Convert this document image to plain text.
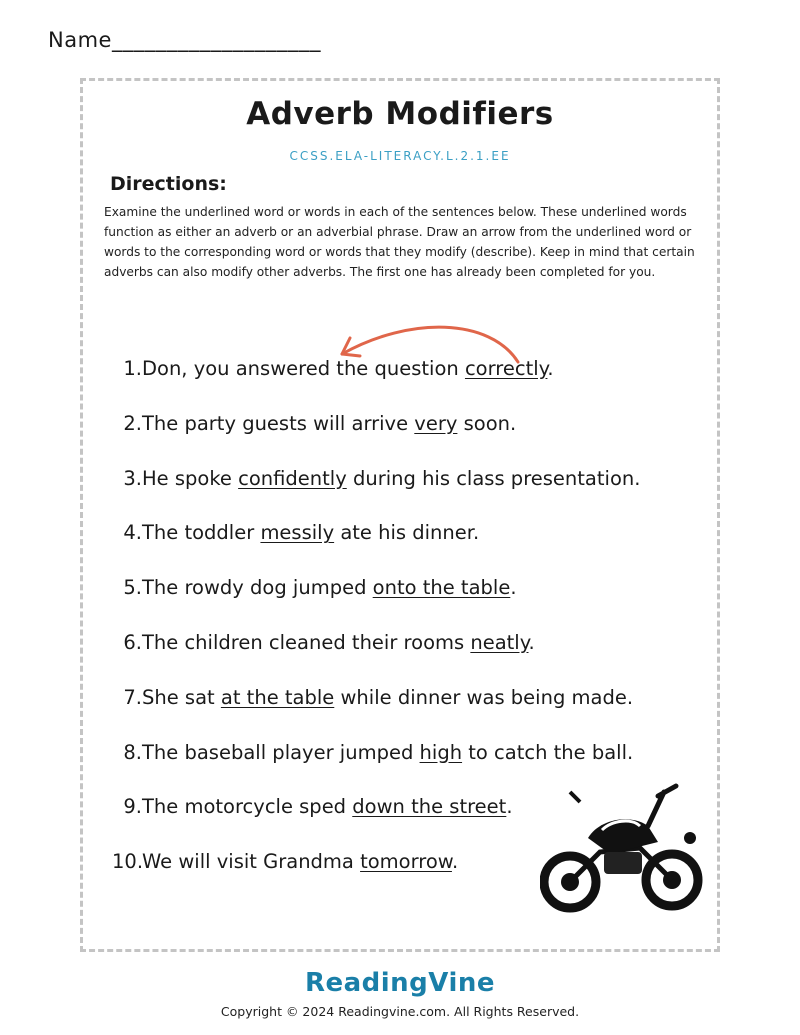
Name___________________
Adverb Modifiers
CCSS.ELA-LITERACY.L.2.1.EE
Directions:
Examine the underlined word or words in each of the sentences below. These underlined words function as either an adverb or an adverbial phrase. Draw an arrow from the underlined word or words to the corresponding word or words that they modify (describe). Keep in mind that certain adverbs can also modify other adverbs. The first one has already been completed for you.
1.Don, you answered the question correctly.
2.The party guests will arrive very soon.
3.He spoke confidently during his class presentation.
4.The toddler messily ate his dinner.
5.The rowdy dog jumped onto the table.
6.The children cleaned their rooms neatly.
7.She sat at the table while dinner was being made.
8.The baseball player jumped high to catch the ball.
9.The motorcycle sped down the street.
10.We will visit Grandma tomorrow.
ReadingVine
Copyright © 2024 Readingvine.com. All Rights Reserved.
